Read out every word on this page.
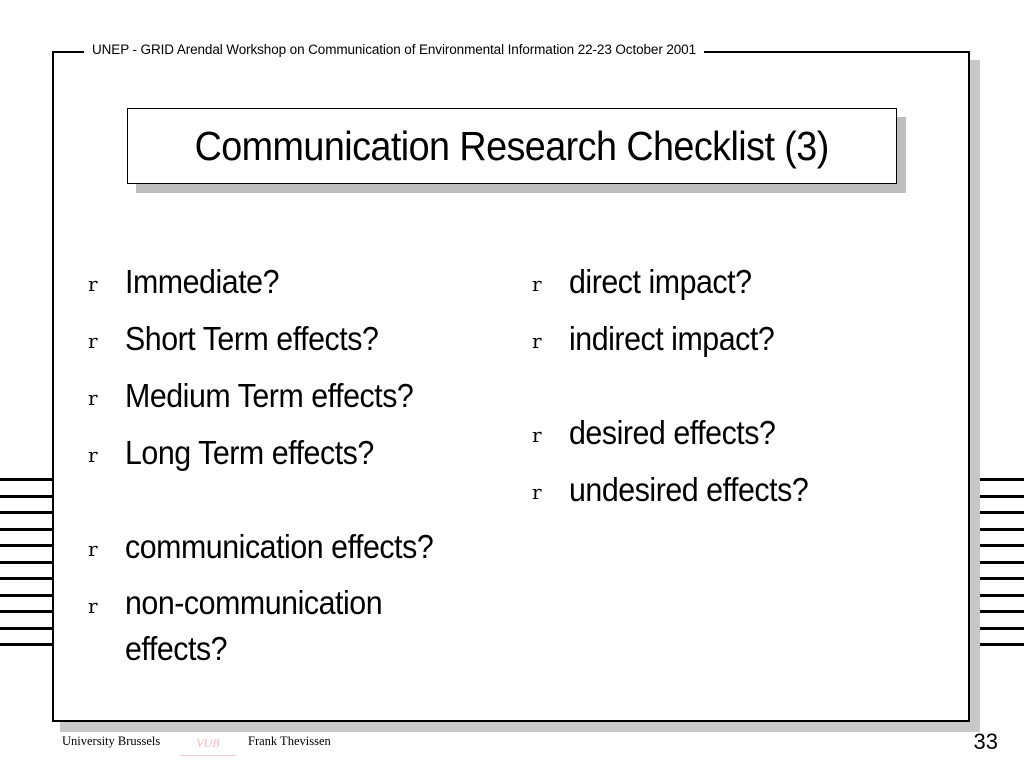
UNEP - GRID Arendal Workshop on Communication of Environmental Information 22-23 October 2001
Communication Research Checklist (3)
r Immediate?
r Short Term effects?
r Medium Term effects?
r Long Term effects?
r communication effects?
r non-communication effects?
r direct impact?
r indirect impact?
r desired effects?
r undesired effects?
University Brussels	VUB	Frank Thevissen	33
